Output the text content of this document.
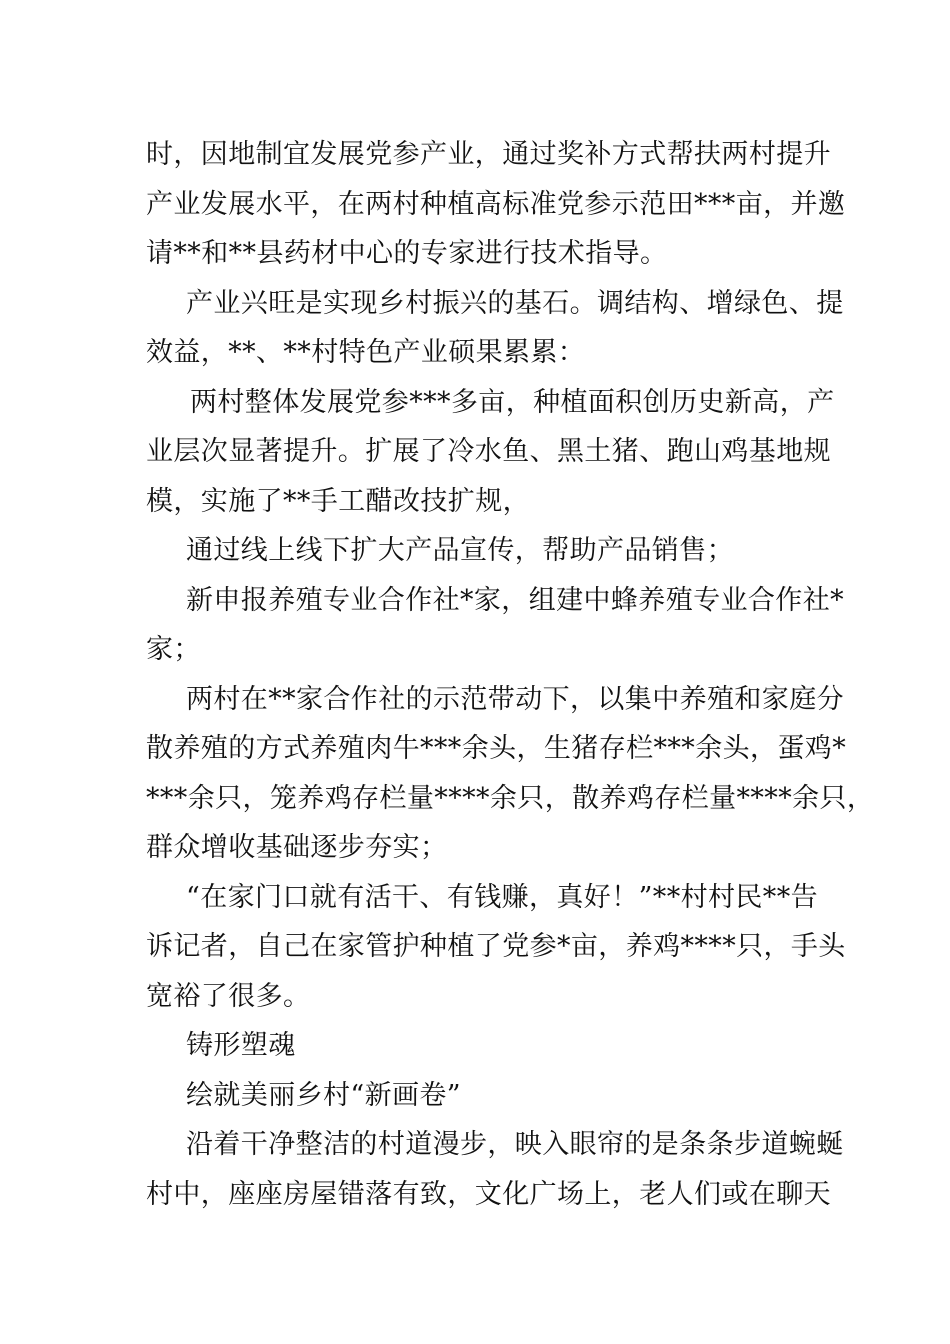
时，因地制宜发展党参产业，通过奖补方式帮扶两村提升
产业发展水平，在两村种植高标准党参示范田***亩，并邀
请**和**县药材中心的专家进行技术指导。
产业兴旺是实现乡村振兴的基石。调结构、增绿色、提
效益，**、**村特色产业硕果累累：
两村整体发展党参***多亩，种植面积创历史新高，产
业层次显著提升。扩展了冷水鱼、黑土猪、跑山鸡基地规
模，实施了**手工醋改技扩规，
通过线上线下扩大产品宣传，帮助产品销售；
新申报养殖专业合作社*家，组建中蜂养殖专业合作社*
家；
两村在**家合作社的示范带动下，以集中养殖和家庭分
散养殖的方式养殖肉牛***余头，生猪存栏***余头，蛋鸡*
***余只，笼养鸡存栏量****余只，散养鸡存栏量****余只，
群众增收基础逐步夯实；
“在家门口就有活干、有钱赚，真好！”**村村民**告
诉记者，自己在家管护种植了党参*亩，养鸡****只，手头
宽裕了很多。
铸形塑魂
绘就美丽乡村“新画卷”
沿着干净整洁的村道漫步，映入眼帘的是条条步道蜿蜒
村中，座座房屋错落有致，文化广场上，老人们或在聊天
